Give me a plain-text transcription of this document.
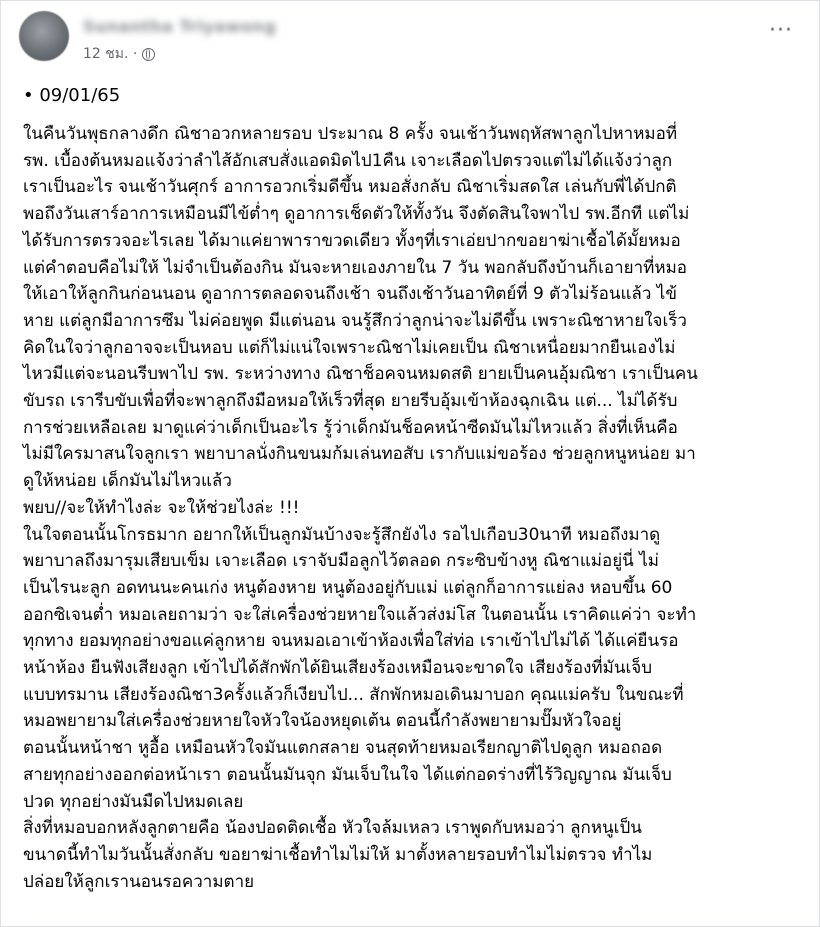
Sunantha Triyawong
12 ชม. ·
···
• 09/01/65
ในคืนวันพุธกลางดึก ณิชาอวกหลายรอบ ประมาณ 8 ครั้ง จนเช้าวันพฤหัสพาลูกไปหาหมอที่
รพ. เบื้องต้นหมอแจ้งว่าลำไส้อักเสบสั่งแอดมิดไป1คืน เจาะเลือดไปตรวจแต่ไม่ได้แจ้งว่าลูก
เราเป็นอะไร จนเช้าวันศุกร์ อาการอวกเริ่มดีขึ้น หมอสั่งกลับ ณิชาเริ่มสดใส เล่นกับพี่ได้ปกติ
พอถึงวันเสาร์อาการเหมือนมีไข้ต่ำๆ ดูอาการเช็ดตัวให้ทั้งวัน จึงตัดสินใจพาไป รพ.อีกที แต่ไม่
ได้รับการตรวจอะไรเลย ได้มาแค่ยาพาราขวดเดียว ทั้งๆที่เราเอ่ยปากขอยาฆ่าเชื้อได้มั้ยหมอ
แต่คำตอบคือไม่ให้ ไม่จำเป็นต้องกิน มันจะหายเองภายใน 7 วัน พอกลับถึงบ้านก็เอายาที่หมอ
ให้เอาให้ลูกกินก่อนนอน ดูอาการตลอดจนถึงเช้า จนถึงเช้าวันอาทิตย์ที่ 9 ตัวไม่ร้อนแล้ว ไข้
หาย แต่ลูกมีอาการซึม ไม่ค่อยพูด มีแต่นอน จนรู้สึกว่าลูกน่าจะไม่ดีขึ้น เพราะณิชาหายใจเร็ว
คิดในใจว่าลูกอาจจะเป็นหอบ แต่ก็ไม่แน่ใจเพราะณิชาไม่เคยเป็น ณิชาเหนื่อยมากยืนเองไม่
ไหวมีแต่จะนอนรีบพาไป รพ. ระหว่างทาง ณิชาช็อคจนหมดสติ ยายเป็นคนอุ้มณิชา เราเป็นคน
ขับรถ เรารีบขับเพื่อที่จะพาลูกถึงมือหมอให้เร็วที่สุด ยายรีบอุ้มเข้าห้องฉุกเฉิน แต่... ไม่ได้รับ
การช่วยเหลือเลย มาดูแค่ว่าเด็กเป็นอะไร รู้ว่าเด็กมันช็อคหน้าซีดมันไม่ไหวแล้ว สิ่งที่เห็นคือ
ไม่มีใครมาสนใจลูกเรา พยาบาลนั่งกินขนมก้มเล่นทอสับ เรากับแม่ขอร้อง ช่วยลูกหนูหน่อย มา
ดูให้หน่อย เด็กมันไม่ไหวแล้ว
พยบ//จะให้ทำไงล่ะ จะให้ช่วยไงล่ะ !!!
ในใจตอนนั้นโกรธมาก อยากให้เป็นลูกมันบ้างจะรู้สึกยังไง รอไปเกือบ30นาที หมอถึงมาดู
พยาบาลถึงมารุมเสียบเข็ม เจาะเลือด เราจับมือลูกไว้ตลอด กระซิบข้างหู ณิชาแม่อยู่นี่ ไม่
เป็นไรนะลูก อดทนนะคนเก่ง หนูต้องหาย หนูต้องอยู่กับแม่ แต่ลูกก็อาการแย่ลง หอบขึ้น 60
ออกซิเจนต่ำ หมอเลยถามว่า จะใส่เครื่องช่วยหายใจแล้วส่งม่โส ในตอนนั้น เราคิดแค่ว่า จะทำ
ทุกทาง ยอมทุกอย่างขอแค่ลูกหาย จนหมอเอาเข้าห้องเพื่อใส่ท่อ เราเข้าไปไม่ได้ ได้แค่ยืนรอ
หน้าห้อง ยืนฟังเสียงลูก เข้าไปได้สักพักได้ยินเสียงร้องเหมือนจะขาดใจ เสียงร้องที่มันเจ็บ
แบบทรมาน เสียงร้องณิชา3ครั้งแล้วก็เงียบไป... สักพักหมอเดินมาบอก คุณแม่ครับ ในขณะที่
หมอพยายามใส่เครื่องช่วยหายใจหัวใจน้องหยุดเต้น ตอนนี้กำลังพยายามปั๊มหัวใจอยู่
ตอนนั้นหน้าชา หูอื้อ เหมือนหัวใจมันแตกสลาย จนสุดท้ายหมอเรียกญาติไปดูลูก หมอถอด
สายทุกอย่างออกต่อหน้าเรา ตอนนั้นมันจุก มันเจ็บในใจ ได้แต่กอดร่างที่ไร้วิญญาณ มันเจ็บ
ปวด ทุกอย่างมันมืดไปหมดเลย
สิ่งที่หมอบอกหลังลูกตายคือ น้องปอดติดเชื้อ หัวใจล้มเหลว เราพูดกับหมอว่า ลูกหนูเป็น
ขนาดนี้ทำไมวันนั้นสั่งกลับ ขอยาฆ่าเชื้อทำไมไม่ให้ มาตั้งหลายรอบทำไมไม่ตรวจ ทำไม
ปล่อยให้ลูกเรานอนรอความตาย
